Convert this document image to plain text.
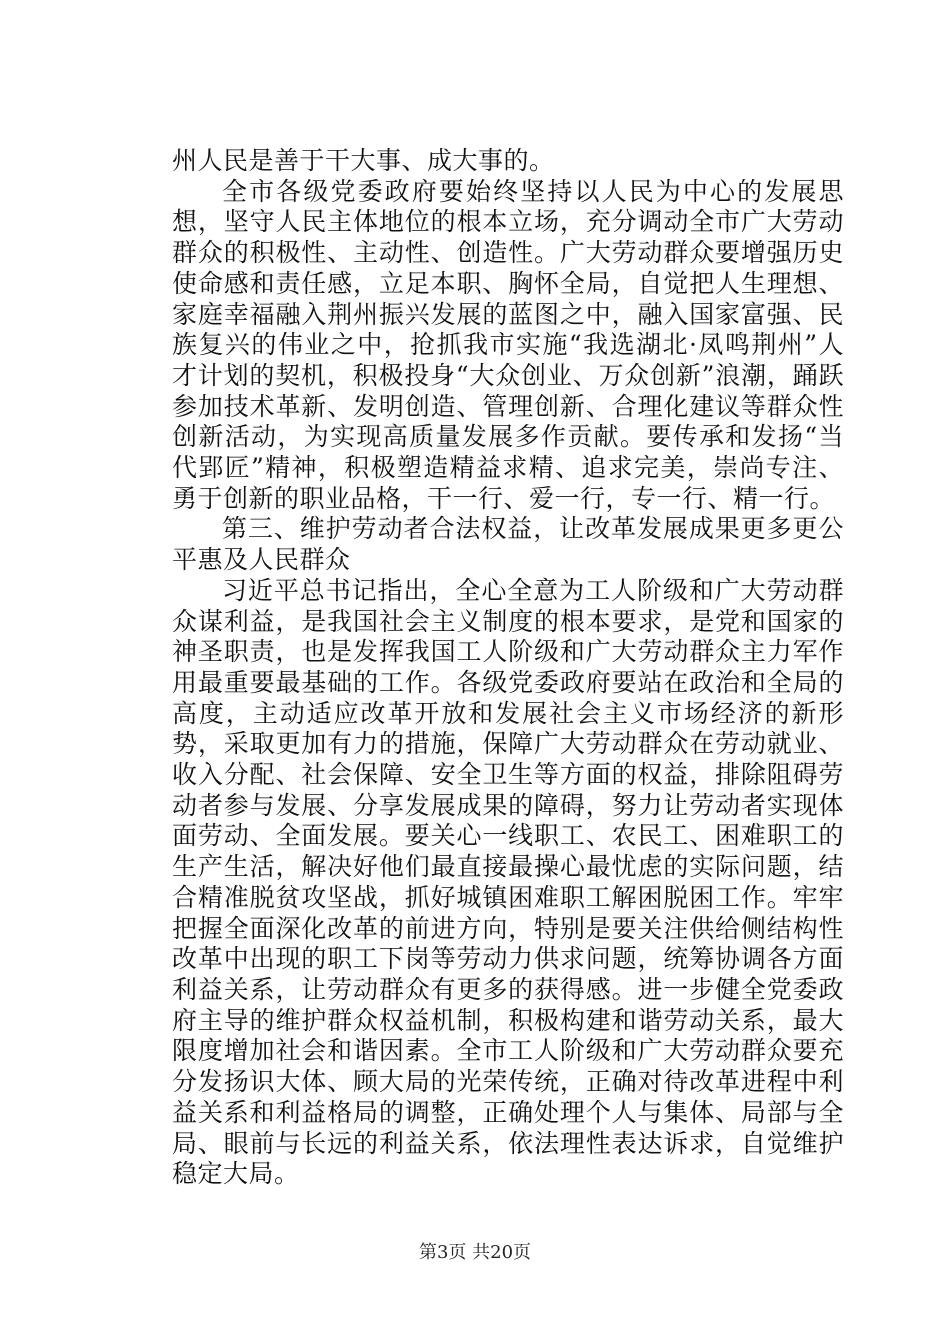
州人民是善于干大事、成大事的。

全市各级党委政府要始终坚持以人民为中心的发展思想，坚守人民主体地位的根本立场，充分调动全市广大劳动群众的积极性、主动性、创造性。广大劳动群众要增强历史使命感和责任感，立足本职、胸怀全局，自觉把人生理想、家庭幸福融入荆州振兴发展的蓝图之中，融入国家富强、民族复兴的伟业之中，抢抓我市实施“我选湖北·凤鸣荆州”人才计划的契机，积极投身“大众创业、万众创新”浪潮，踊跃参加技术革新、发明创造、管理创新、合理化建议等群众性创新活动，为实现高质量发展多作贡献。要传承和发扬“当代郢匠”精神，积极塑造精益求精、追求完美，崇尚专注、勇于创新的职业品格，干一行、爱一行，专一行、精一行。

第三、维护劳动者合法权益，让改革发展成果更多更公平惠及人民群众

习近平总书记指出，全心全意为工人阶级和广大劳动群众谋利益，是我国社会主义制度的根本要求，是党和国家的神圣职责，也是发挥我国工人阶级和广大劳动群众主力军作用最重要最基础的工作。各级党委政府要站在政治和全局的高度，主动适应改革开放和发展社会主义市场经济的新形势，采取更加有力的措施，保障广大劳动群众在劳动就业、收入分配、社会保障、安全卫生等方面的权益，排除阻碍劳动者参与发展、分享发展成果的障碍，努力让劳动者实现体面劳动、全面发展。要关心一线职工、农民工、困难职工的生产生活，解决好他们最直接最操心最忧虑的实际问题，结合精准脱贫攻坚战，抓好城镇困难职工解困脱困工作。牢牢把握全面深化改革的前进方向，特别是要关注供给侧结构性改革中出现的职工下岗等劳动力供求问题，统筹协调各方面利益关系，让劳动群众有更多的获得感。进一步健全党委政府主导的维护群众权益机制，积极构建和谐劳动关系，最大限度增加社会和谐因素。全市工人阶级和广大劳动群众要充分发扬识大体、顾大局的光荣传统，正确对待改革进程中利益关系和利益格局的调整，正确处理个人与集体、局部与全局、眼前与长远的利益关系，依法理性表达诉求，自觉维护稳定大局。

第3页 共20页
